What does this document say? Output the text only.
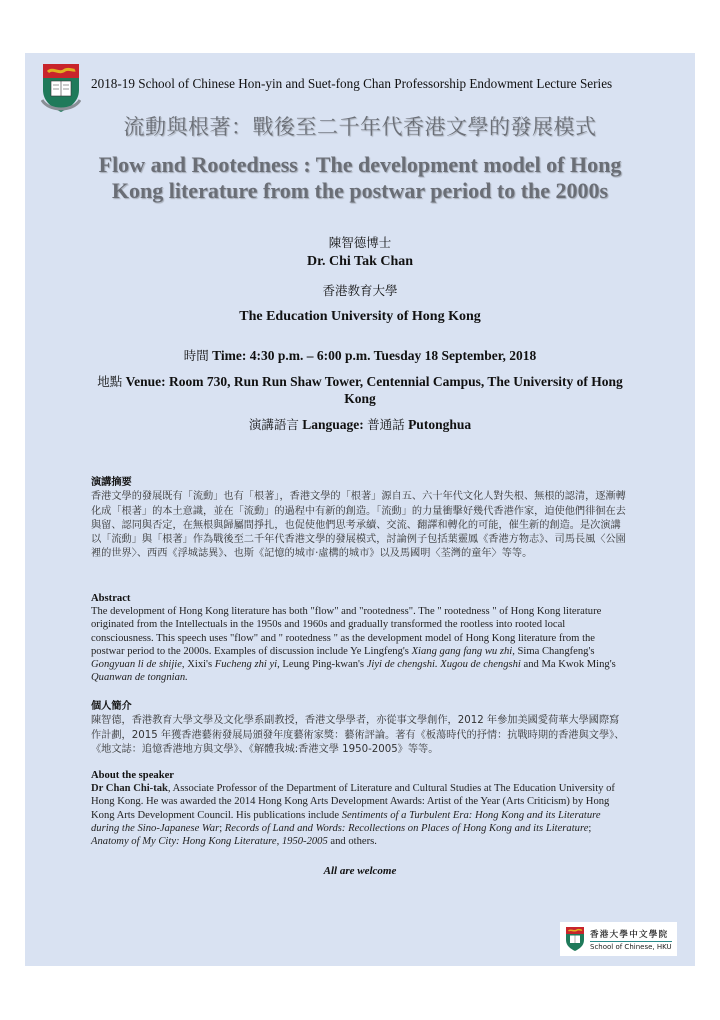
2018-19 School of Chinese Hon-yin and Suet-fong Chan Professorship Endowment Lecture Series
流動與根著：戰後至二千年代香港文學的發展模式
Flow and Rootedness : The development model of Hong
Kong literature from the postwar period to the 2000s
陳智德博士
Dr. Chi Tak Chan
香港教育大學
The Education University of Hong Kong
時間 Time: 4:30 p.m. – 6:00 p.m. Tuesday 18 September, 2018
地點 Venue: Room 730, Run Run Shaw Tower, Centennial Campus, The University of Hong Kong
演講語言 Language: 普通話 Putonghua
演講摘要
香港文學的發展既有「流動」也有「根著」，香港文學的「根著」源自五、六十年代文化人對失根、無根的認清，逐漸轉化成「根著」的本土意識，並在「流動」的過程中有新的創造。「流動」的力量衝擊好幾代香港作家，迫使他們徘徊在去與留、認同與否定，在無根與歸屬間掙扎，也促使他們思考承續、交流、翻譯和轉化的可能，催生新的創造。是次演講以「流動」與「根著」作為戰後至二千年代香港文學的發展模式，討論例子包括葉靈鳳《香港方物志》、司馬長風〈公園裡的世界〉、西西《浮城誌異》、也斯《記憶的城市‧虛構的城市》以及馬國明〈荃灣的童年〉等等。
Abstract
The development of Hong Kong literature has both "flow" and "rootedness". The " rootedness " of Hong Kong literature originated from the Intellectuals in the 1950s and 1960s and gradually transformed the rootless into rooted local consciousness. This speech uses "flow" and " rootedness " as the development model of Hong Kong literature from the postwar period to the 2000s. Examples of discussion include Ye Lingfeng's Xiang gang fang wu zhi, Sima Changfeng's Gongyuan li de shijie, Xixi's Fucheng zhi yi, Leung Ping-kwan's Jiyi de chengshi. Xugou de chengshi and Ma Kwok Ming's Quanwan de tongnian.
個人簡介
陳智德，香港教育大學文學及文化學系副教授，香港文學學者，亦從事文學創作，2012 年參加美國愛荷華大學國際寫作計劃，2015 年獲香港藝術發展局頒發年度藝術家獎：藝術評論。著有《板蕩時代的抒情：抗戰時期的香港與文學》、《地文誌：追憶香港地方與文學》、《解體我城:香港文學 1950-2005》等等。
About the speaker
Dr Chan Chi-tak, Associate Professor of the Department of Literature and Cultural Studies at The Education University of Hong Kong. He was awarded the 2014 Hong Kong Arts Development Awards: Artist of the Year (Arts Criticism) by Hong Kong Arts Development Council. His publications include Sentiments of a Turbulent Era: Hong Kong and its Literature during the Sino-Japanese War; Records of Land and Words: Recollections on Places of Hong Kong and its Literature; Anatomy of My City: Hong Kong Literature, 1950-2005 and others.
All are welcome
香港大學中文學院
School of Chinese, HKU
